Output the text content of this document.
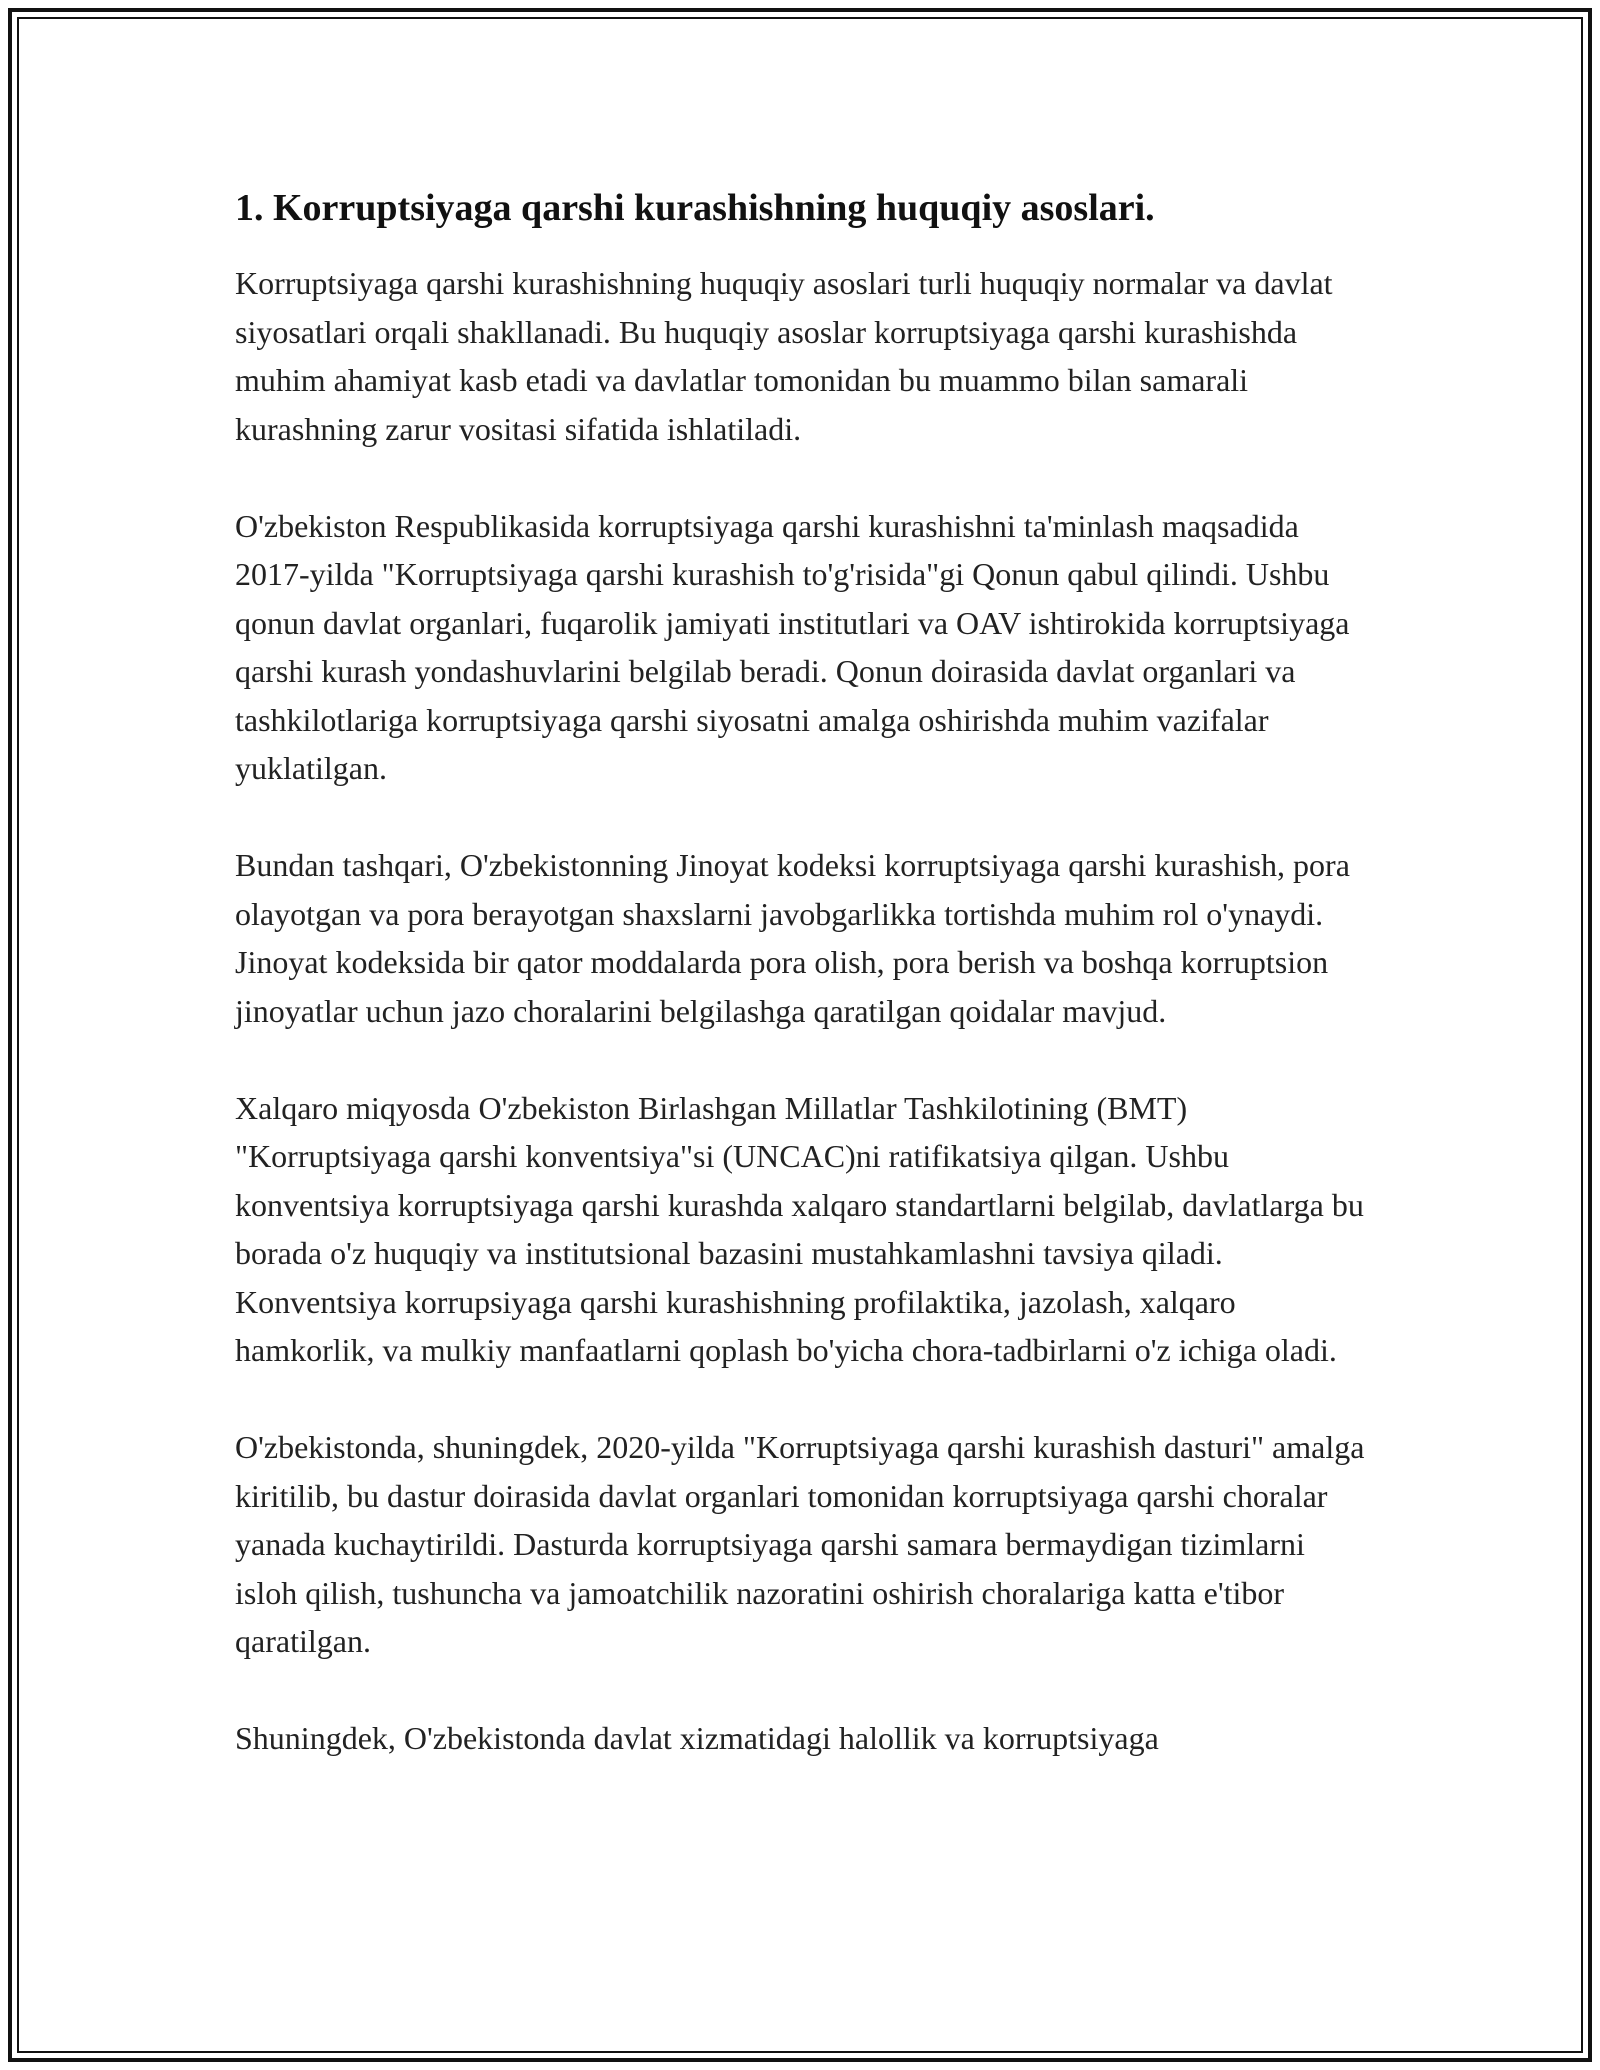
1. Korruptsiyaga qarshi kurashishning huquqiy asoslari.

Korruptsiyaga qarshi kurashishning huquqiy asoslari turli huquqiy normalar va davlat siyosatlari orqali shakllanadi. Bu huquqiy asoslar korruptsiyaga qarshi kurashishda muhim ahamiyat kasb etadi va davlatlar tomonidan bu muammo bilan samarali kurashning zarur vositasi sifatida ishlatiladi.

O'zbekiston Respublikasida korruptsiyaga qarshi kurashishni ta'minlash maqsadida 2017-yilda "Korruptsiyaga qarshi kurashish to'g'risida"gi Qonun qabul qilindi. Ushbu qonun davlat organlari, fuqarolik jamiyati institutlari va OAV ishtirokida korruptsiyaga qarshi kurash yondashuvlarini belgilab beradi. Qonun doirasida davlat organlari va tashkilotlariga korruptsiyaga qarshi siyosatni amalga oshirishda muhim vazifalar yuklatilgan.

Bundan tashqari, O'zbekistonning Jinoyat kodeksi korruptsiyaga qarshi kurashish, pora olayotgan va pora berayotgan shaxslarni javobgarlikka tortishda muhim rol o'ynaydi. Jinoyat kodeksida bir qator moddalarda pora olish, pora berish va boshqa korruptsion jinoyatlar uchun jazo choralarini belgilashga qaratilgan qoidalar mavjud.

Xalqaro miqyosda O'zbekiston Birlashgan Millatlar Tashkilotining (BMT) "Korruptsiyaga qarshi konventsiya"si (UNCAC)ni ratifikatsiya qilgan. Ushbu konventsiya korruptsiyaga qarshi kurashda xalqaro standartlarni belgilab, davlatlarga bu borada o'z huquqiy va institutsional bazasini mustahkamlashni tavsiya qiladi. Konventsiya korrupsiyaga qarshi kurashishning profilaktika, jazolash, xalqaro hamkorlik, va mulkiy manfaatlarni qoplash bo'yicha chora-tadbirlarni o'z ichiga oladi.

O'zbekistonda, shuningdek, 2020-yilda "Korruptsiyaga qarshi kurashish dasturi" amalga kiritilib, bu dastur doirasida davlat organlari tomonidan korruptsiyaga qarshi choralar yanada kuchaytirildi. Dasturda korruptsiyaga qarshi samara bermaydigan tizimlarni isloh qilish, tushuncha va jamoatchilik nazoratini oshirish choralariga katta e'tibor qaratilgan.

Shuningdek, O'zbekistonda davlat xizmatidagi halollik va korruptsiyaga
